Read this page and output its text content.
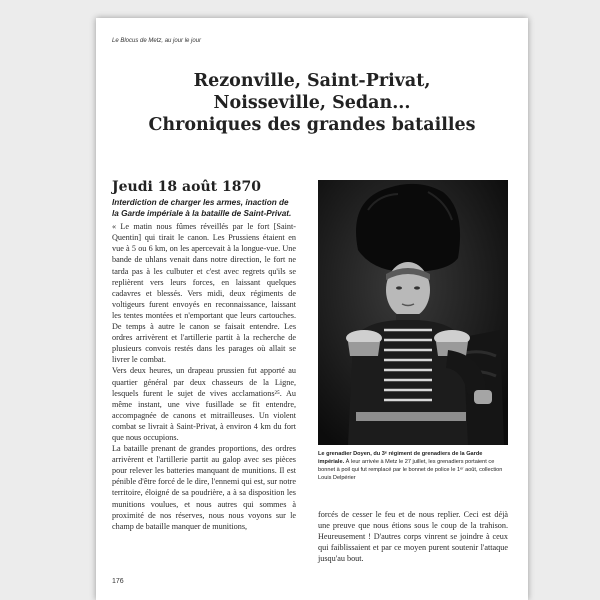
Le Blocus de Metz, au jour le jour
Rezonville, Saint-Privat,
Noisseville, Sedan...
Chroniques des grandes batailles
Jeudi 18 août 1870
Interdiction de charger les armes, inaction de la Garde impériale à la bataille de Saint-Privat.

« Le matin nous fûmes réveillés par le fort [Saint-Quentin] qui tirait le canon. Les Prussiens étaient en vue à 5 ou 6 km, on les apercevait à la longue-vue. Une bande de uhlans venait dans notre direction, le fort ne tarda pas à les culbuter et c'est avec regrets qu'ils se replièrent vers leurs forces, en laissant quelques cadavres et blessés. Vers midi, deux régiments de voltigeurs furent envoyés en reconnaissance, laissant les tentes montées et n'emportant que leurs cartouches. De temps à autre le canon se faisait entendre. Les ordres arrivèrent et l'artillerie partit à la recherche de plusieurs convois restés dans les parages où allait se livrer le combat.

Vers deux heures, un drapeau prussien fut apporté au quartier général par deux chasseurs de la Ligne, lesquels furent le sujet de vives acclamations²⁵. Au même instant, une vive fusillade se fit entendre, accompagnée de canons et mitrailleuses. Un violent combat se livrait à Saint-Privat, à environ 4 km du fort que nous occupions.

La bataille prenant de grandes proportions, des ordres arrivèrent et l'artillerie partit au galop avec ses pièces pour relever les batteries manquant de munitions. Il est pénible d'être forcé de le dire, l'ennemi qui est, sur notre territoire, éloigné de sa poudrière, a à sa disposition les munitions voulues, et nous autres qui sommes à proximité de nos réserves, nous nous voyons sur le champ de bataille manquer de munitions,

Le grenadier Doyen, du 3ᵉ régiment de grenadiers de la Garde impériale. À leur arrivée à Metz le 27 juillet, les grenadiers portaient ce bonnet à poil qui fut remplacé par le bonnet de police le 1ᵉʳ août, collection Louis Delpérier

forcés de cesser le feu et de nous replier. Ceci est déjà une preuve que nous étions sous le coup de la trahison. Heureusement ! D'autres corps vinrent se joindre à ceux qui faiblissaient et par ce moyen purent soutenir l'attaque jusqu'au bout.

176
